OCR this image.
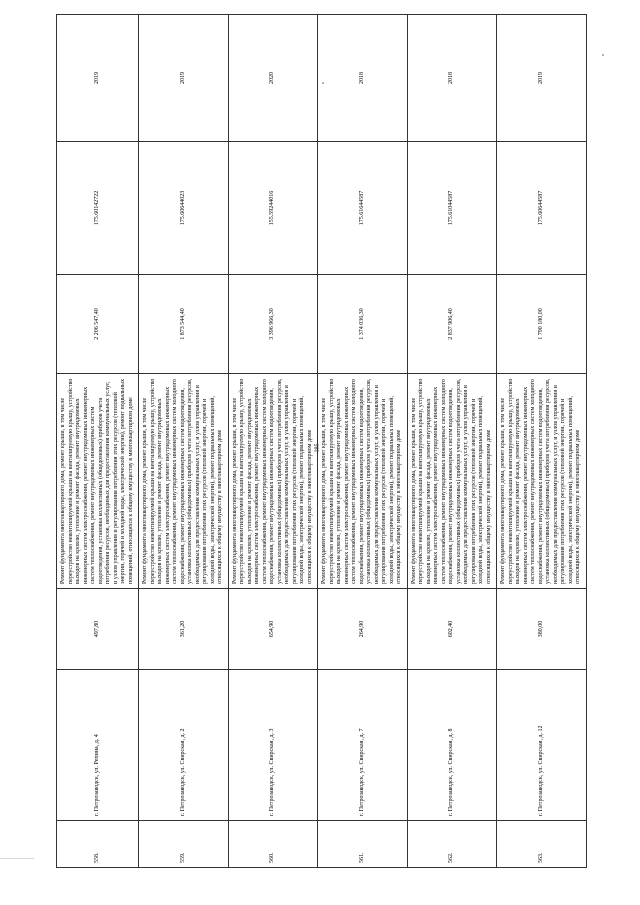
195
558.	г. Петрозаводск, ул. Репина, д. 4	497,80	Ремонт фундамента многоквартирного дома, ремонт крыши, в том числе переустройство невентилируемой крыши на вентилируемую крышу, устройство выходов на кровлю, утепление и ремонт фасада, ремонт внутридомовых инженерных систем электроснабжения, ремонт внутридомовых инженерных систем теплоснабжения, ремонт внутридомовых инженерных систем водоотведения, установка коллективных (общедомовых) приборов учета потребления ресурсов, необходимых для предоставления коммунальных услуг, и узлов управления и регулирования потребления этих ресурсов (тепловой энергии, горячей и холодной воды, электрической энергии), ремонт подвальных помещений, относящихся к общему имуществу в многоквартирном доме	2 206 547,40	175.60142722	2019
559.	г. Петрозаводск, ул. Свирская, д. 2	361,20	Ремонт фундамента многоквартирного дома, ремонт крыши, в том числе переустройство невентилируемой крыши на вентилируемую крышу, устройство выходов на кровлю, утепление и ремонт фасада, ремонт внутридомовых инженерных систем электроснабжения, ремонт внутридомовых инженерных систем теплоснабжения, ремонт внутридомовых инженерных систем холодного водоснабжения, ремонт внутридомовых инженерных систем водоотведения, установка коллективных (общедомовых) приборов учета потребления ресурсов, необходимых для предоставления коммунальных услуг, и узлов управления и регулирования потребления этих ресурсов (тепловой энергии, горячей и холодной воды, электрической энергии), ремонт подвальных помещений, относящихся к общему имуществу в многоквартирном доме	1 873 544,40	175.60644023	2019
560.	г. Петрозаводск, ул. Свирская, д. 3	654,90	Ремонт фундамента многоквартирного дома, ремонт крыши, в том числе переустройство невентилируемой крыши на вентилируемую крышу, устройство выходов на кровлю, утепление и ремонт фасада, ремонт внутридомовых инженерных систем электроснабжения, ремонт внутридомовых инженерных систем теплоснабжения, ремонт внутридомовых инженерных систем холодного водоснабжения, ремонт внутридомовых инженерных систем водоотведения, установка коллективных (общедомовых) приборов учета потребления ресурсов, необходимых для предоставления коммунальных услуг, и узлов управления и регулирования потребления этих ресурсов (тепловой энергии, горячей и холодной воды, электрической энергии), ремонт подвальных помещений, относящихся к общему имуществу в многоквартирном доме	3 396 966,30	155.59244016	2020
561.	г. Петрозаводск, ул. Свирская, д. 7	264,90	Ремонт фундамента многоквартирного дома, ремонт крыши, в том числе переустройство невентилируемой крыши на вентилируемую крышу, устройство выходов на кровлю, утепление и ремонт фасада, ремонт внутридомовых инженерных систем электроснабжения, ремонт внутридомовых инженерных систем теплоснабжения, ремонт внутридомовых инженерных систем холодного водоснабжения, ремонт внутридомовых инженерных систем водоотведения, установка коллективных (общедомовых) приборов учета потребления ресурсов, необходимых для предоставления коммунальных услуг, и узлов управления и регулирования потребления этих ресурсов (тепловой энергии, горячей и холодной воды, электрической энергии), ремонт подвальных помещений, относящихся к общему имуществу в многоквартирном доме	1 374 036,30	175.61644587	2018
562.	г. Петрозаводск, ул. Свирская, д. 8	602,40	Ремонт фундамента многоквартирного дома, ремонт крыши, в том числе переустройство невентилируемой крыши на вентилируемую крышу, устройство выходов на кровлю, утепление и ремонт фасада, ремонт внутридомовых инженерных систем электроснабжения, ремонт внутридомовых инженерных систем теплоснабжения, ремонт внутридомовых инженерных систем холодного водоснабжения, ремонт внутридомовых инженерных систем водоотведения, установка коллективных (общедомовых) приборов учета потребления ресурсов, необходимых для предоставления коммунальных услуг, и узлов управления и регулирования потребления этих ресурсов (тепловой энергии, горячей и холодной воды, электрической энергии), ремонт подвальных помещений, относящихся к общему имуществу в многоквартирном доме	2 837 906,40	175.61044587	2018
563.	г. Петрозаводск, ул. Свирская, д. 12	380,00	Ремонт фундамента многоквартирного дома, ремонт крыши, в том числе переустройство невентилируемой крыши на вентилируемую крышу, устройство выходов на кровлю, утепление и ремонт фасада, ремонт внутридомовых инженерных систем электроснабжения, ремонт внутридомовых инженерных систем теплоснабжения, ремонт внутридомовых инженерных систем холодного водоснабжения, ремонт внутридомовых инженерных систем водоотведения, установка коллективных (общедомовых) приборов учета потребления ресурсов, необходимых для предоставления коммунальных услуг, и узлов управления и регулирования потребления этих ресурсов (тепловой энергии, горячей и холодной воды, электрической энергии), ремонт подвальных помещений, относящихся к общему имуществу в многоквартирном доме	1 790 180,00	175.60644587	2019
